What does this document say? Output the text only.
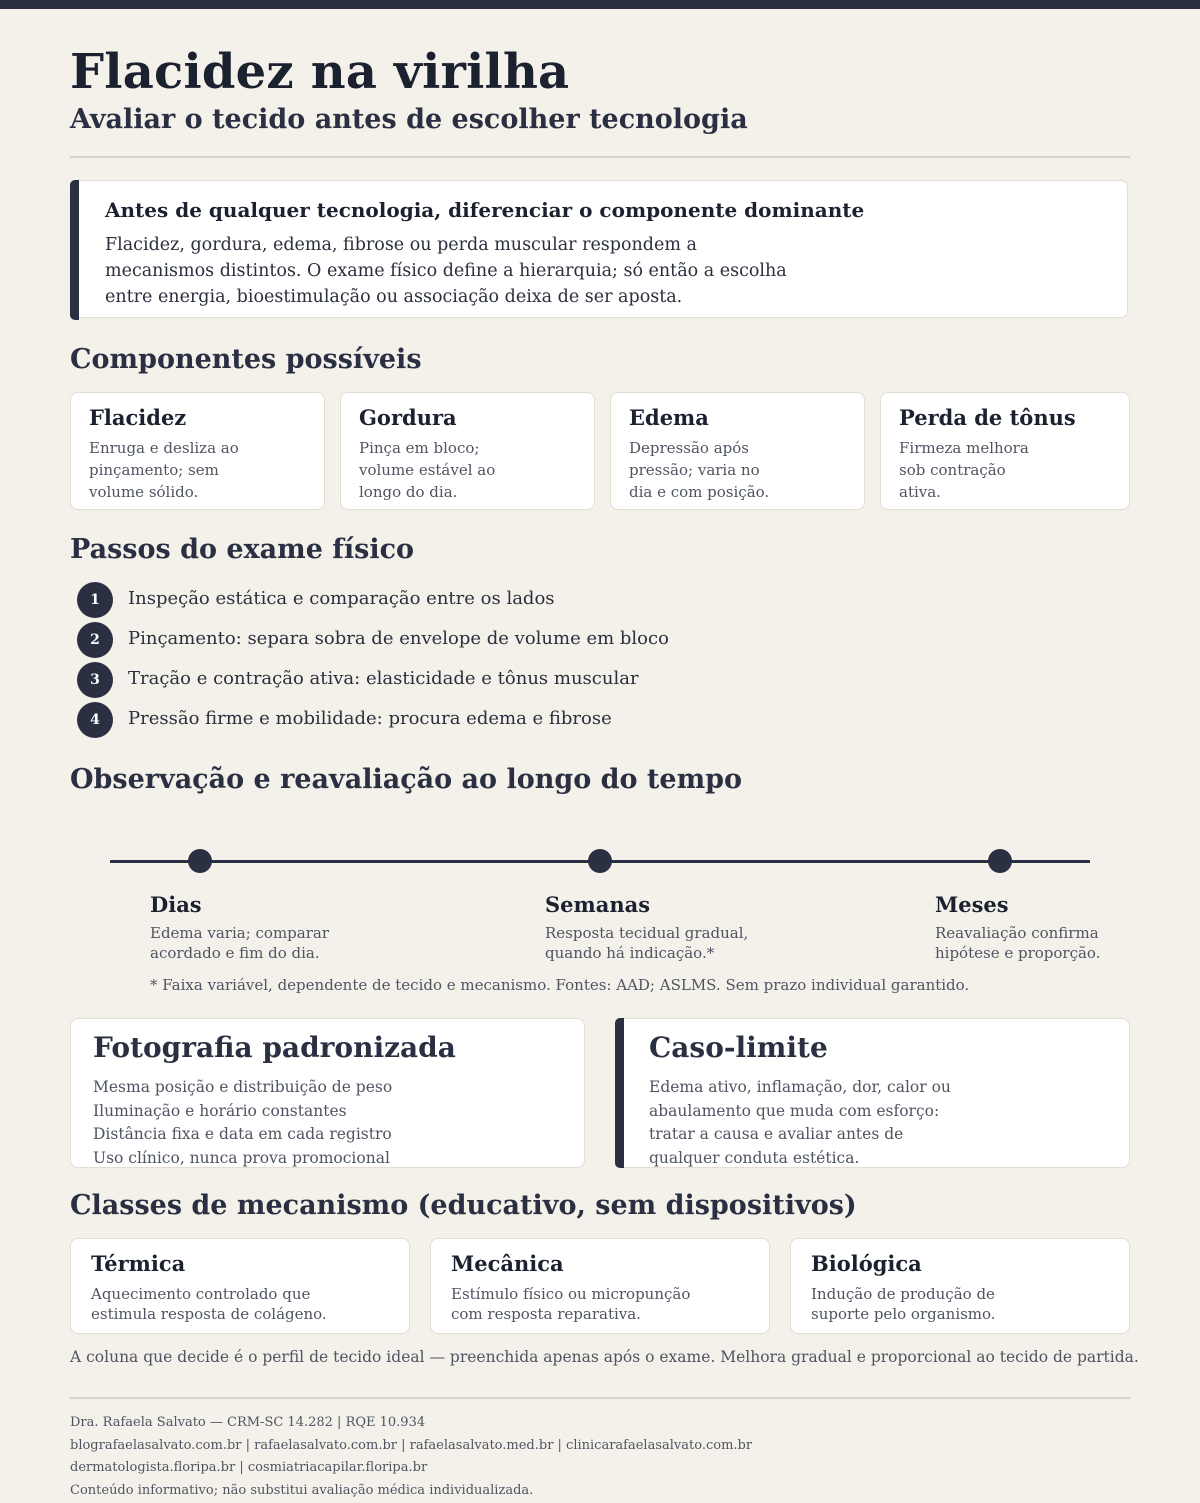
Flacidez na virilha
Avaliar o tecido antes de escolher tecnologia
Antes de qualquer tecnologia, diferenciar o componente dominante
Flacidez, gordura, edema, fibrose ou perda muscular respondem a mecanismos distintos. O exame físico define a hierarquia; só então a escolha entre energia, bioestimulação ou associação deixa de ser aposta.
Componentes possíveis
Flacidez
Enruga e desliza ao pinçamento; sem volume sólido.
Gordura
Pinça em bloco; volume estável ao longo do dia.
Edema
Depressão após pressão; varia no dia e com posição.
Perda de tônus
Firmeza melhora sob contração ativa.
Passos do exame físico
1	Inspeção estática e comparação entre os lados
2	Pinçamento: separa sobra de envelope de volume em bloco
3	Tração e contração ativa: elasticidade e tônus muscular
4	Pressão firme e mobilidade: procura edema e fibrose
Observação e reavaliação ao longo do tempo
Dias
Edema varia; comparar acordado e fim do dia.
Semanas
Resposta tecidual gradual, quando há indicação.*
Meses
Reavaliação confirma hipótese e proporção.
* Faixa variável, dependente de tecido e mecanismo. Fontes: AAD; ASLMS. Sem prazo individual garantido.
Fotografia padronizada
Mesma posição e distribuição de peso
Iluminação e horário constantes
Distância fixa e data em cada registro
Uso clínico, nunca prova promocional
Caso-limite
Edema ativo, inflamação, dor, calor ou
abaulamento que muda com esforço:
tratar a causa e avaliar antes de
qualquer conduta estética.
Classes de mecanismo (educativo, sem dispositivos)
Térmica
Aquecimento controlado que estimula resposta de colágeno.
Mecânica
Estímulo físico ou micropunção com resposta reparativa.
Biológica
Indução de produção de suporte pelo organismo.
A coluna que decide é o perfil de tecido ideal — preenchida apenas após o exame. Melhora gradual e proporcional ao tecido de partida.
Dra. Rafaela Salvato — CRM-SC 14.282 | RQE 10.934
blografaelasalvato.com.br | rafaelasalvato.com.br | rafaelasalvato.med.br | clinicarafaelasalvato.com.br
dermatologista.floripa.br | cosmiatriacapilar.floripa.br
Conteúdo informativo; não substitui avaliação médica individualizada.
